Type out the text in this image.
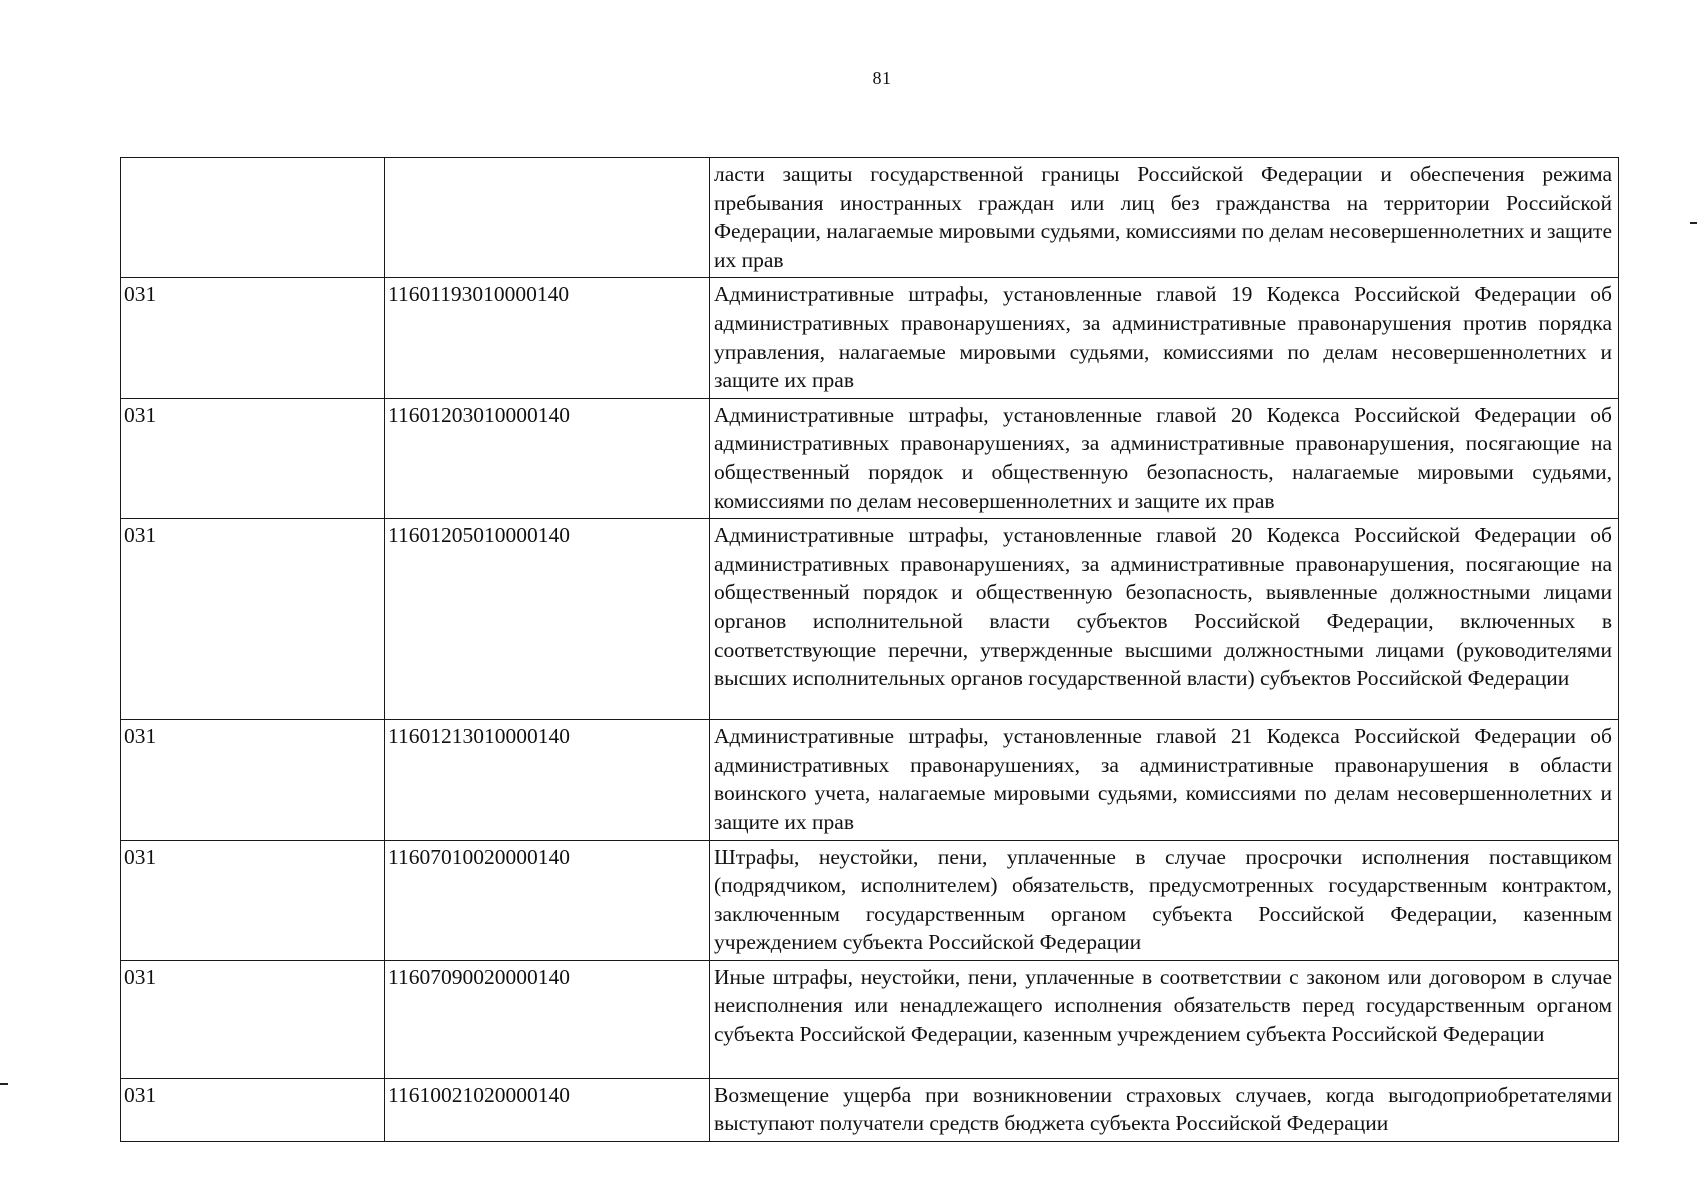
81
		ласти защиты государственной границы Российской Федерации и обеспечения режима пребывания иностранных граждан или лиц без гражданства на территории Российской Федерации, налагаемые мировыми судьями, комиссиями по делам несовершеннолетних и защите их прав
031	11601193010000140	Административные штрафы, установленные главой 19 Кодекса Российской Федерации об административных правонарушениях, за административные правонарушения против порядка управления, налагаемые мировыми судьями, комиссиями по делам несовершеннолетних и защите их прав
031	11601203010000140	Административные штрафы, установленные главой 20 Кодекса Российской Федерации об административных правонарушениях, за административные правонарушения, посягающие на общественный порядок и общественную безопасность, налагаемые мировыми судьями, комиссиями по делам несовершеннолетних и защите их прав
031	11601205010000140	Административные штрафы, установленные главой 20 Кодекса Российской Федерации об административных правонарушениях, за административные правонарушения, посягающие на общественный порядок и общественную безопасность, выявленные должностными лицами органов исполнительной власти субъектов Российской Федерации, включенных в соответствующие перечни, утвержденные высшими должностными лицами (руководителями высших исполнительных органов государственной власти) субъектов Российской Федерации
031	11601213010000140	Административные штрафы, установленные главой 21 Кодекса Российской Федерации об административных правонарушениях, за административные правонарушения в области воинского учета, налагаемые мировыми судьями, комиссиями по делам несовершеннолетних и защите их прав
031	11607010020000140	Штрафы, неустойки, пени, уплаченные в случае просрочки исполнения поставщиком (подрядчиком, исполнителем) обязательств, предусмотренных государственным контрактом, заключенным государственным органом субъекта Российской Федерации, казенным учреждением субъекта Российской Федерации
031	11607090020000140	Иные штрафы, неустойки, пени, уплаченные в соответствии с законом или договором в случае неисполнения или ненадлежащего исполнения обязательств перед государственным органом субъекта Российской Федерации, казенным учреждением субъекта Российской Федерации
031	11610021020000140	Возмещение ущерба при возникновении страховых случаев, когда выгодоприобретателями выступают получатели средств бюджета субъекта Российской Федерации
